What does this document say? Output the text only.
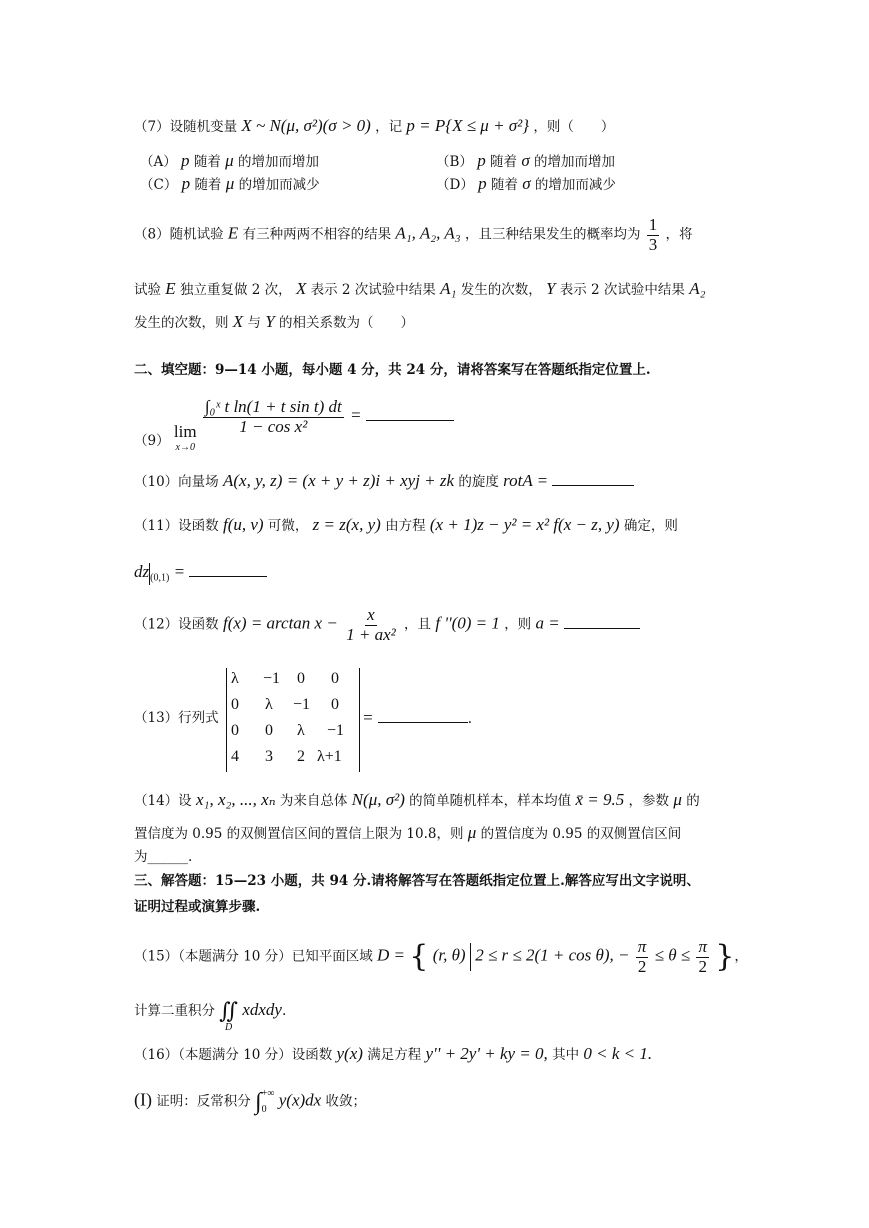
（7）设随机变量 X ~ N(μ, σ²)(σ > 0) ，记 p = P{X ≤ μ + σ²} ，则（　　）
（A） p 随着 μ 的增加而增加	（B） p 随着 σ 的增加而增加
（C） p 随着 μ 的增加而减少	（D） p 随着 σ 的增加而减少
（8）随机试验 E 有三种两两不相容的结果 A₁, A₂, A₃ ，且三种结果发生的概率均为 $\frac{1}{3}$ ，将
试验 E 独立重复做 2 次， X 表示 2 次试验中结果 A₁ 发生的次数， Y 表示 2 次试验中结果 A₂
发生的次数，则 X 与 Y 的相关系数为（　　）
二、填空题：9—14 小题，每小题 4 分，共 24 分，请将答案写在答题纸指定位置上.
（9） lim
x→0

$\frac{\text{∫₀ˣ t ln(1 + t sin t) dt}}{\text{1 − cos x²}}$ =
（10）向量场 A(x, y, z) = (x + y + z)i + xyj + zk 的旋度 rotA =
（11）设函数 f(u, v) 可微， z = z(x, y) 由方程 (x + 1)z − y² = x² f(x − z, y) 确定，则
$dz_{(0,1)}$ =
（12）设函数 $f(x) = \arctan x - \frac{x}{\text{1 + ax²}}$ ，且 f ''(0) = 1 ，则 a =
（13）行列式
λ −1 0 0
0 λ −1 0
0 0 λ −1
4 3 2 λ+1
=	.
（14）设 x₁, x₂, ..., xₙ 为来自总体 N(μ, σ²) 的简单随机样本，样本均值 x̄ = 9.5 ，参数 μ 的
置信度为 0.95 的双侧置信区间的置信上限为 10.8，则 μ 的置信度为 0.95 的双侧置信区间
为______.
三、解答题：15—23 小题，共 94 分.请将解答写在答题纸指定位置上.解答应写出文字说明、
证明过程或演算步骤.
（15）（本题满分 10 分）已知平面区域 D = { (r, θ) 2 ≤ r ≤ 2(1 + cos θ), − $\frac{\pi}{2} \le \theta \le \frac{\pi}{2}$ }，
计算二重积分 ∬
D
xdxdy.
（16）（本题满分 10 分）设函数 y(x) 满足方程 y'' + 2y' + ky = 0, 其中 0 < k < 1.
(I) 证明：反常积分 ∫ +∞
0 y(x)dx 收敛；
